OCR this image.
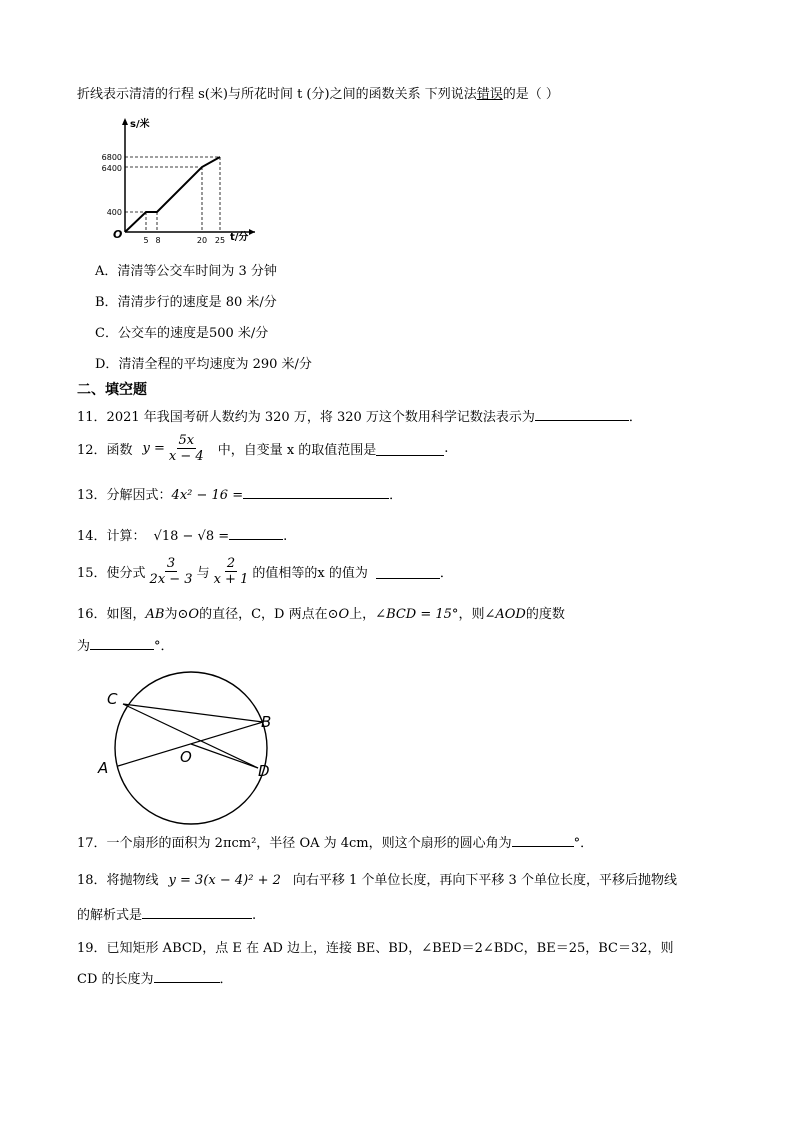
折线表示清清的行程 s(米)与所花时间 t (分)之间的函数关系 下列说法错误的是（ ）
s/米
t/分
O
6800
6400
400
5 8	20 25
A．清清等公交车时间为 3 分钟
B．清清步行的速度是 80 米/分
C．公交车的速度是500 米/分
D．清清全程的平均速度为 290 米/分
二、填空题
11．2021 年我国考研人数约为 320 万，将 320 万这个数用科学记数法表示为	．
12．函数 $y = \frac{5x}{x - 4}$ 中，自变量 x 的取值范围是	.
13．分解因式：4x² − 16 =	．
14．计算： √18 − √8 =	.
15．使分式 $\frac{3}{2x - 3}$ 与 $\frac{2}{x + 1}$ 的值相等的x 的值为	．
16．如图，AB为⊙O的直径，C，D 两点在⊙O上，∠BCD = 15°，则∠AOD的度数
为	°．
C
B
O
A	D
17．一个扇形的面积为 2πcm²，半径 OA 为 4cm，则这个扇形的圆心角为	°．
18．将抛物线 y = 3(x − 4)² + 2 向右平移 1 个单位长度，再向下平移 3 个单位长度，平移后抛物线
的解析式是	.
19．已知矩形 ABCD，点 E 在 AD 边上，连接 BE、BD，∠BED＝2∠BDC，BE＝25，BC＝32，则
CD 的长度为	．
